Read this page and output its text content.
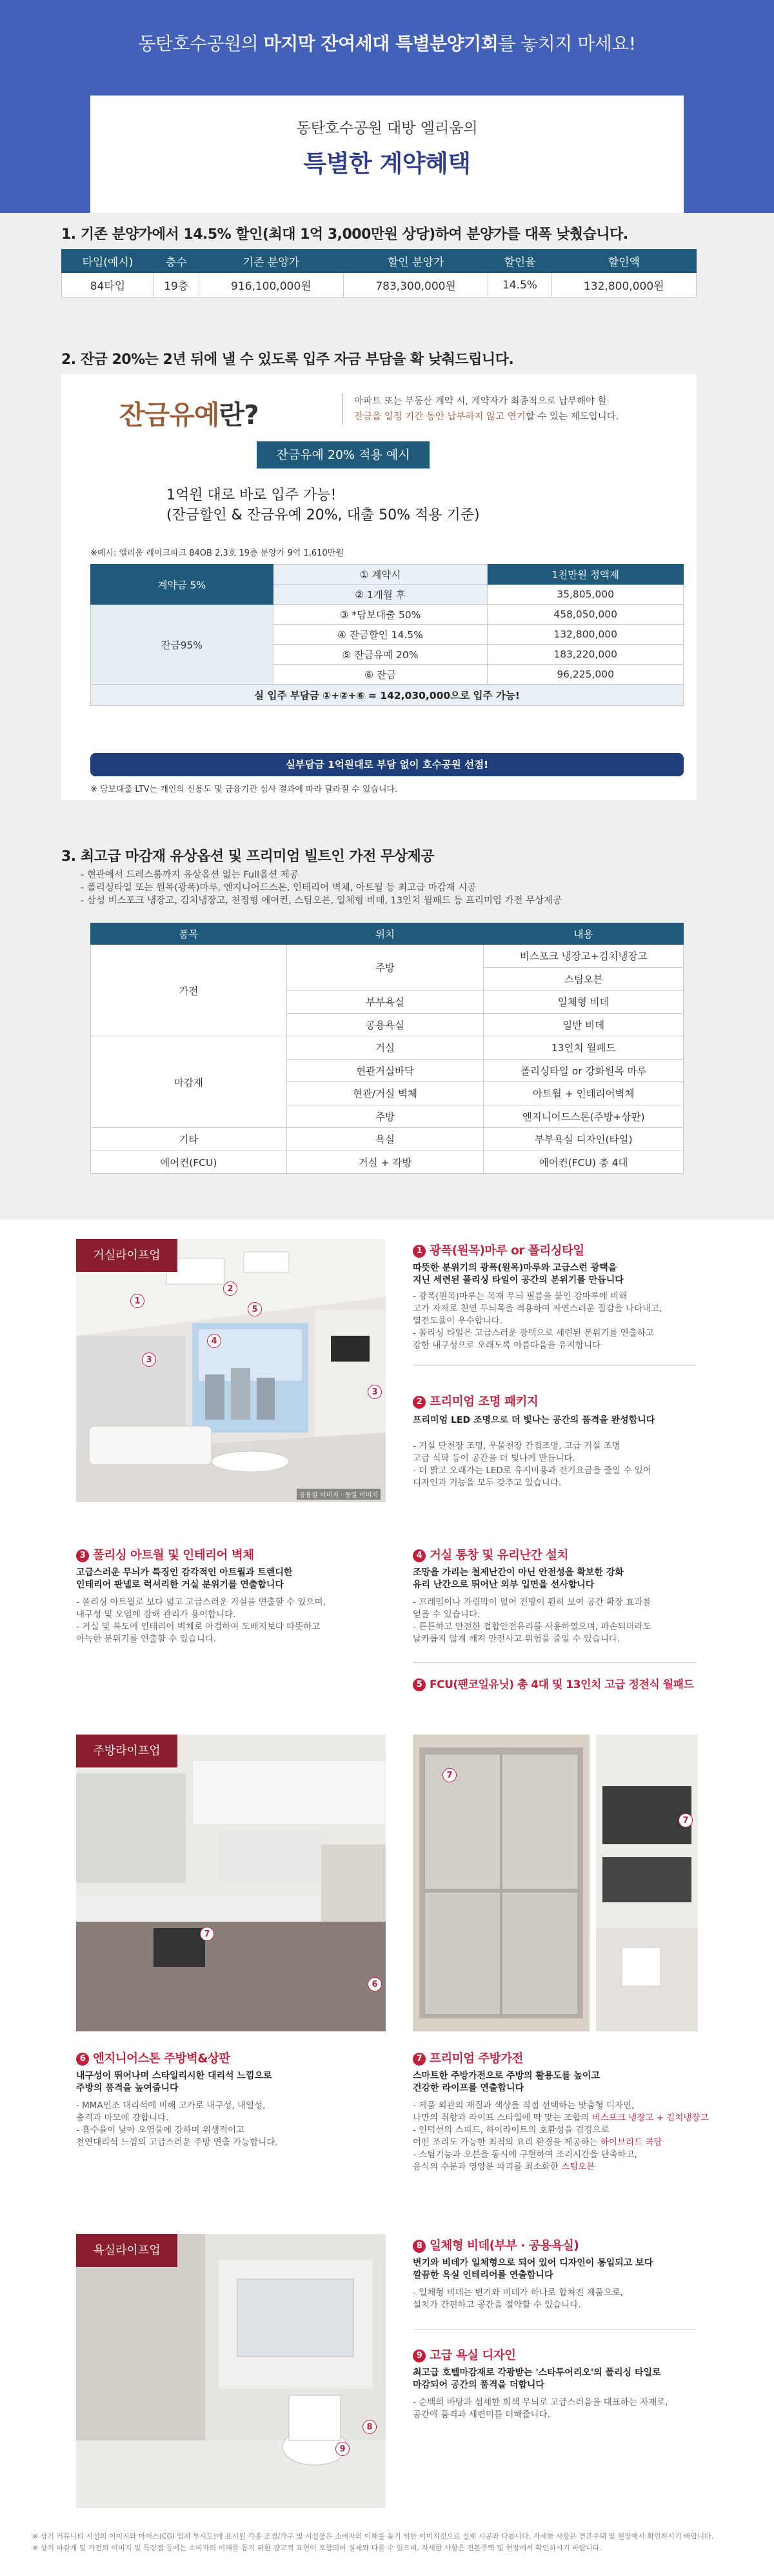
동탄호수공원의 마지막 잔여세대 특별분양기회를 놓치지 마세요!
동탄호수공원 대방 엘리움의
특별한 계약혜택
1. 기존 분양가에서 14.5% 할인(최대 1억 3,000만원 상당)하여 분양가를 대폭 낮췄습니다.
타입(예시)	층수	기존 분양가	할인 분양가	할인율	할인액
84타입	19층	916,100,000원	783,300,000원	14.5%	132,800,000원
2. 잔금 20%는 2년 뒤에 낼 수 있도록 입주 자금 부담을 확 낮춰드립니다.
잔금유예란?	아파트 또는 부동산 계약 시, 계약자가 최종적으로 납부해야 할
잔금을 일정 기간 동안 납부하지 않고 연기할 수 있는 제도입니다.
잔금유예 20% 적용 예시
1억원 대로 바로 입주 가능!
(잔금할인 & 잔금유예 20%, 대출 50% 적용 기준)
※예시: 엘리움 레이크파크 84OB 2,3호 19층 분양가 9억 1,610만원
계약금 5%	① 계약시	1천만원 정액제
	② 1개월 후	35,805,000
잔금95%	③ *담보대출 50%	458,050,000
	④ 잔금할인 14.5%	132,800,000
	⑤ 잔금유예 20%	183,220,000
	⑥ 잔금	96,225,000
실 입주 부담금 ①+②+⑥ = 142,030,000으로 입주 가능!		
실부담금 1억원대로 부담 없이 호수공원 선점!
※ 담보대출 LTV는 개인의 신용도 및 금융기관 심사 결과에 따라 달라질 수 있습니다.
3. 최고급 마감재 유상옵션 및 프리미엄 빌트인 가전 무상제공
- 현관에서 드레스룸까지 유상옵션 없는 Full옵션 제공
- 폴리싱타일 또는 원목(광폭)마루, 엔지니어드스톤, 인테리어 벽체, 아트월 등 최고급 마감재 시공
- 삼성 비스포크 냉장고, 김치냉장고, 천정형 에어컨, 스팀오븐, 일체형 비데, 13인치 월패드 등 프리미엄 가전 무상제공
품목	위치	내용
가전	주방	비스포크 냉장고+김치냉장고
		스팀오븐
	부부욕실	일체형 비데
	공용욕실	일반 비데
마감재	거실	13인치 월패드
	현관거실바닥	폴리싱타일 or 강화원목 마루
	현관/거실 벽체	아트월 + 인테리어벽체
	주방	엔지니어드스톤(주방+상판)
기타	욕실	부부욕실 디자인(타일)
에어컨(FCU)	거실 + 각방	에어컨(FCU) 총 4대
거실라이프업
1
2
3
4
5
3
공용실 이미지 · 동일 이미지
1 광폭(원목)마루 or 폴리싱타일
따뜻한 분위기의 광폭(원목)마루와 고급스런 광택을
지닌 세련된 폴리싱 타일이 공간의 분위기를 만듭니다
- 광폭(원목)마루는 목재 무늬 필름을 붙인 강마루에 비해
고가 자재로 천연 무늬목을 적용하여 자연스러운 질감을 나타내고,
열전도율이 우수합니다.
- 폴리싱 타일은 고급스러운 광택으로 세련된 분위기를 연출하고
강한 내구성으로 오래도록 아름다움을 유지합니다
2 프리미엄 조명 패키지
프리미엄 LED 조명으로 더 빛나는 공간의 품격을 완성합니다
- 거실 단천장 조명, 우물천장 간접조명, 고급 거실 조명
고급 식탁 등이 공간을 더 빛나게 만듭니다.
- 더 밝고 오래가는 LED로 유지비용과 전기요금을 줄일 수 있어
디자인과 기능을 모두 갖추고 있습니다.
3 폴리싱 아트월 및 인테리어 벽체
고급스러운 무늬가 특징인 감각적인 아트월과 트렌디한
인테리어 판넬로 럭셔리한 거실 분위기를 연출합니다
- 폴리싱 아트월로 보다 넓고 고급스러운 거실을 연출할 수 있으며,
내구성 및 오염에 강해 관리가 용이합니다.
- 거실 및 복도에 인테리어 벽체로 아검하여 도배지보다 따뜻하고
아늑한 분위기를 연출할 수 있습니다.
4 거실 통창 및 유리난간 설치
조망을 가리는 철제난간이 아닌 안전성을 확보한 강화
유리 난간으로 뛰어난 외부 입면을 선사합니다
- 프레임이나 가림막이 없어 전망이 훤히 보여 공간 확장 효과를
얻을 수 있습니다.
- 튼튼하고 안전한 접합안전유리를 사용하였으며, 파손되더라도
날카롭지 않게 깨져 안전사고 위험을 줄일 수 있습니다.
5 FCU(팬코일유닛) 총 4대 및 13인치 고급 정전식 월패드
주방라이프업
7
6
7
7
6 엔지니어스톤 주방벽&상판
내구성이 뛰어나며 스타일리시한 대리석 느낌으로
주방의 품격을 높여줍니다
- MMA인조 대리석에 비해 고가로 내구성, 내열성,
충격과 마모에 강합니다.
- 흡수율이 낮아 오염물에 강하며 위생적이고
천연대리석 느낌의 고급스러운 주방 연출 가능합니다.
7 프리미엄 주방가전
스마트한 주방가전으로 주방의 활용도를 높이고
건강한 라이프를 연출합니다
- 제품 외관의 재질과 색상을 직접 선택하는 맞춤형 디자인,
나만의 취향과 라이프 스타일에 딱 맞는 조합의 비스포크 냉장고 + 김치냉장고
- 인덕션의 스피드, 하이라이트의 호환성을 겸정으로
어떤 조리도 가능한 최적의 요리 환경을 제공하는 하이브리드 쿡탑
- 스팀기능과 오븐을 동시에 구현하여 조리시간을 단축하고,
음식의 수분과 영양분 파괴를 최소화한 스팀오븐
욕실라이프업
8
9
8 일체형 비데(부부 · 공용욕실)
변기와 비데가 일체형으로 되어 있어 디자인이 통일되고 보다
깔끔한 욕실 인테리어를 연출합니다
- 일체형 비데는 변기와 비데가 하나로 합쳐진 제품으로,
설치가 간편하고 공간을 절약할 수 있습니다.
9 고급 욕실 디자인
최고급 호텔마감재로 각광받는 '스타투어리오'의 폴리싱 타일로
마감되어 공간의 품격을 더합니다
- 순백의 바탕과 섬세한 회색 무늬로 고급스러움을 대표하는 자재로,
공간에 품격과 세련미를 더해줍니다.
※ 상기 커뮤니티 시설의 이미지와 마이스(CGI 입체 투시도)에 표시된 각종 조경/가구 및 시설물은 소비자의 이해를 돕기 위한 이미지컷으로 실제 시공과 다릅니다. 자세한 사항은 견본주택 및 현장에서 확인하시기 바랍니다.
※ 상기 마감재 및 가전의 이미지 및 특장점 등에는 소비자의 이해를 돕기 위한 광고적 표현이 포함되어 실제와 다를 수 있으며, 자세한 사항은 견본주택 및 현장에서 확인하시기 바랍니다.
